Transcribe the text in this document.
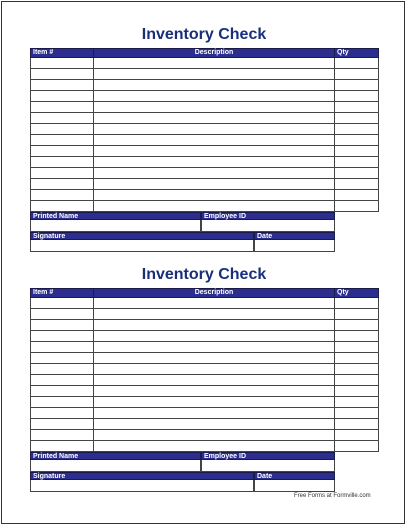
Inventory Check
Item #	Description	Qty

Printed Name	Employee ID
Signature	Date
Inventory Check
Item #	Description	Qty

Printed Name	Employee ID
Signature	Date
Free Forms at Formville.com
